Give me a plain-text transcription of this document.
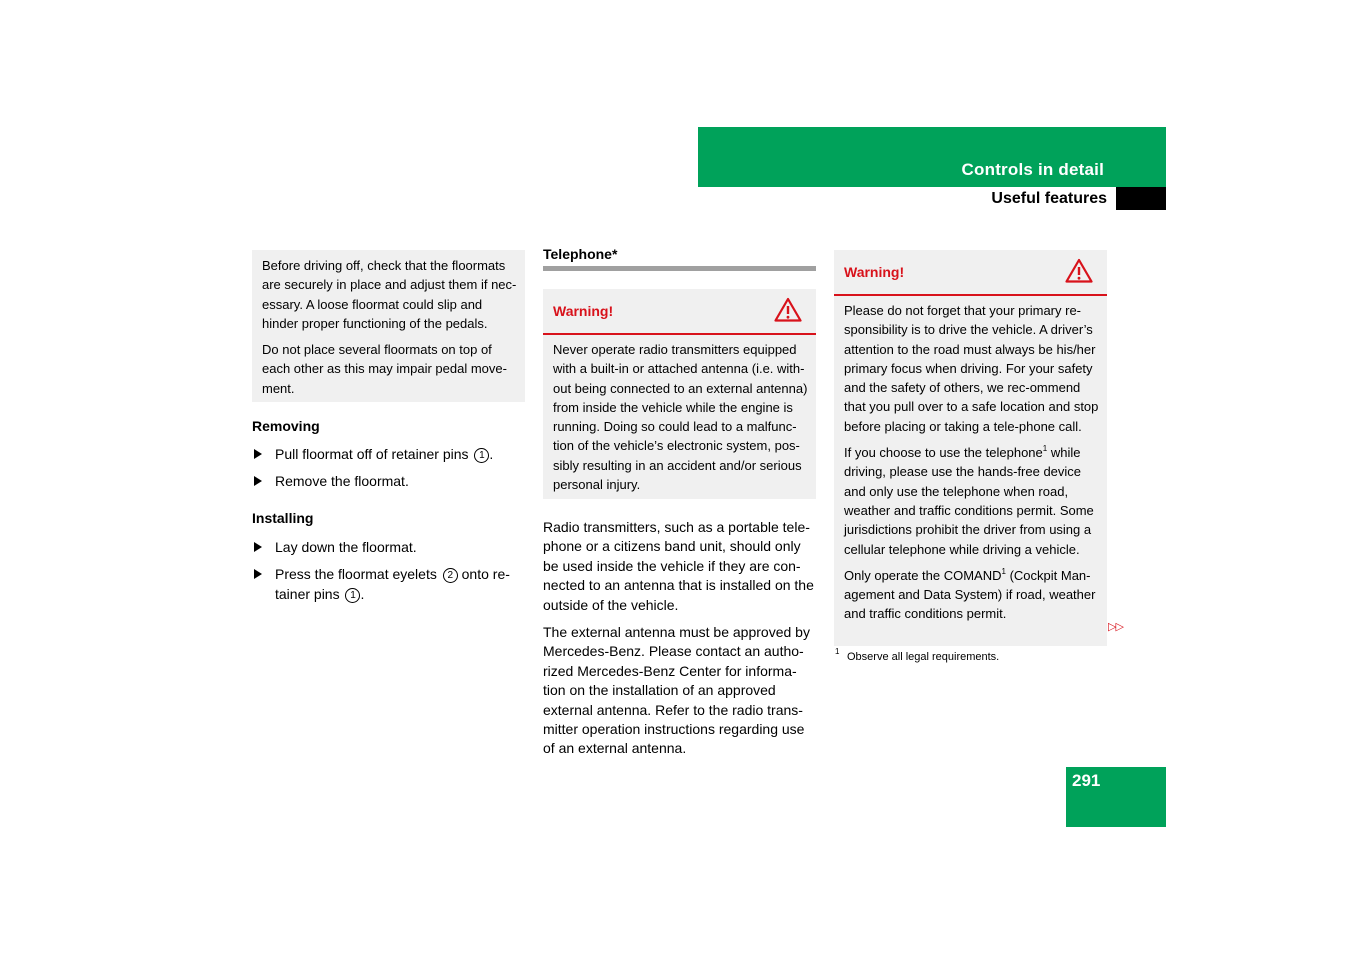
Controls in detail
Useful features

Before driving off, check that the floormats are securely in place and adjust them if nec-essary. A loose floormat could slip and hinder proper functioning of the pedals.

Do not place several floormats on top of each other as this may impair pedal move-ment.

Removing
Pull floormat off of retainer pins 1 .
Remove the floormat.
Installing
Lay down the floormat.
Press the floormat eyelets 2 onto re-tainer pins 1 .
Telephone*
Warning!

Never operate radio transmitters equipped with a built-in or attached antenna (i.e. with-out being connected to an external antenna) from inside the vehicle while the engine is running. Doing so could lead to a malfunc-tion of the vehicle’s electronic system, pos-sibly resulting in an accident and/or serious personal injury.

Radio transmitters, such as a portable tele-phone or a citizens band unit, should only be used inside the vehicle if they are con-nected to an antenna that is installed on the outside of the vehicle.

The external antenna must be approved by Mercedes-Benz. Please contact an autho-rized Mercedes-Benz Center for informa-tion on the installation of an approved external antenna. Refer to the radio trans-mitter operation instructions regarding use of an external antenna.

Warning!

Please do not forget that your primary re-sponsibility is to drive the vehicle. A driver’s attention to the road must always be his/her primary focus when driving. For your safety and the safety of others, we rec-ommend that you pull over to a safe location and stop before placing or taking a tele-phone call.

If you choose to use the telephone$^1$ while driving, please use the hands-free device and only use the telephone when road, weather and traffic conditions permit. Some jurisdictions prohibit the driver from using a cellular telephone while driving a vehicle.

Only operate the COMAND$^1$ (Cockpit Man-agement and Data System) if road, weather and traffic conditions permit.

▷▷
1 Observe all legal requirements.
291
